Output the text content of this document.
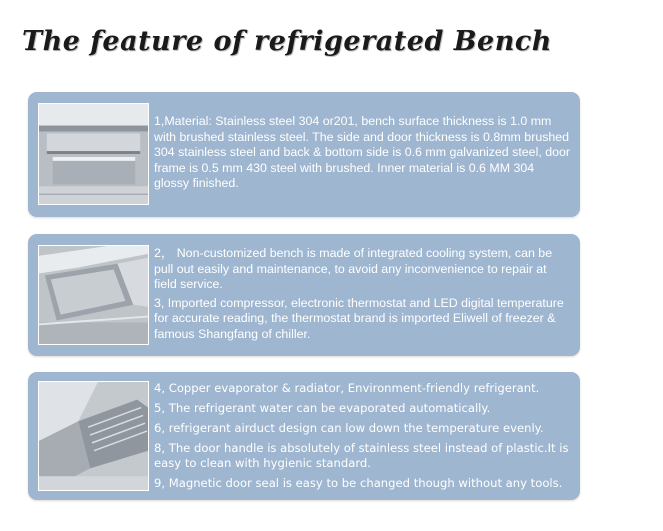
The feature of refrigerated Bench

1,Material: Stainless steel 304 or201, bench surface thickness is 1.0 mm with brushed stainless steel. The side and door thickness is 0.8mm brushed 304 stainless steel and back & bottom side is 0.6 mm galvanized steel, door frame is 0.5 mm 430 steel with brushed. Inner material is 0.6 MM 304 glossy finished.

2， Non-customized bench is made of integrated cooling system, can be pull out easily and maintenance, to avoid any inconvenience to repair at field service.

3, Imported compressor, electronic thermostat and LED digital temperature for accurate reading, the thermostat brand is imported Eliwell of freezer & famous Shangfang of chiller.

4, Copper evaporator & radiator, Environment-friendly refrigerant.

5, The refrigerant water can be evaporated automatically.

6, refrigerant airduct design can low down the temperature evenly.

8, The door handle is absolutely of stainless steel instead of plastic.It is easy to clean with hygienic standard.

9, Magnetic door seal is easy to be changed though without any tools.
